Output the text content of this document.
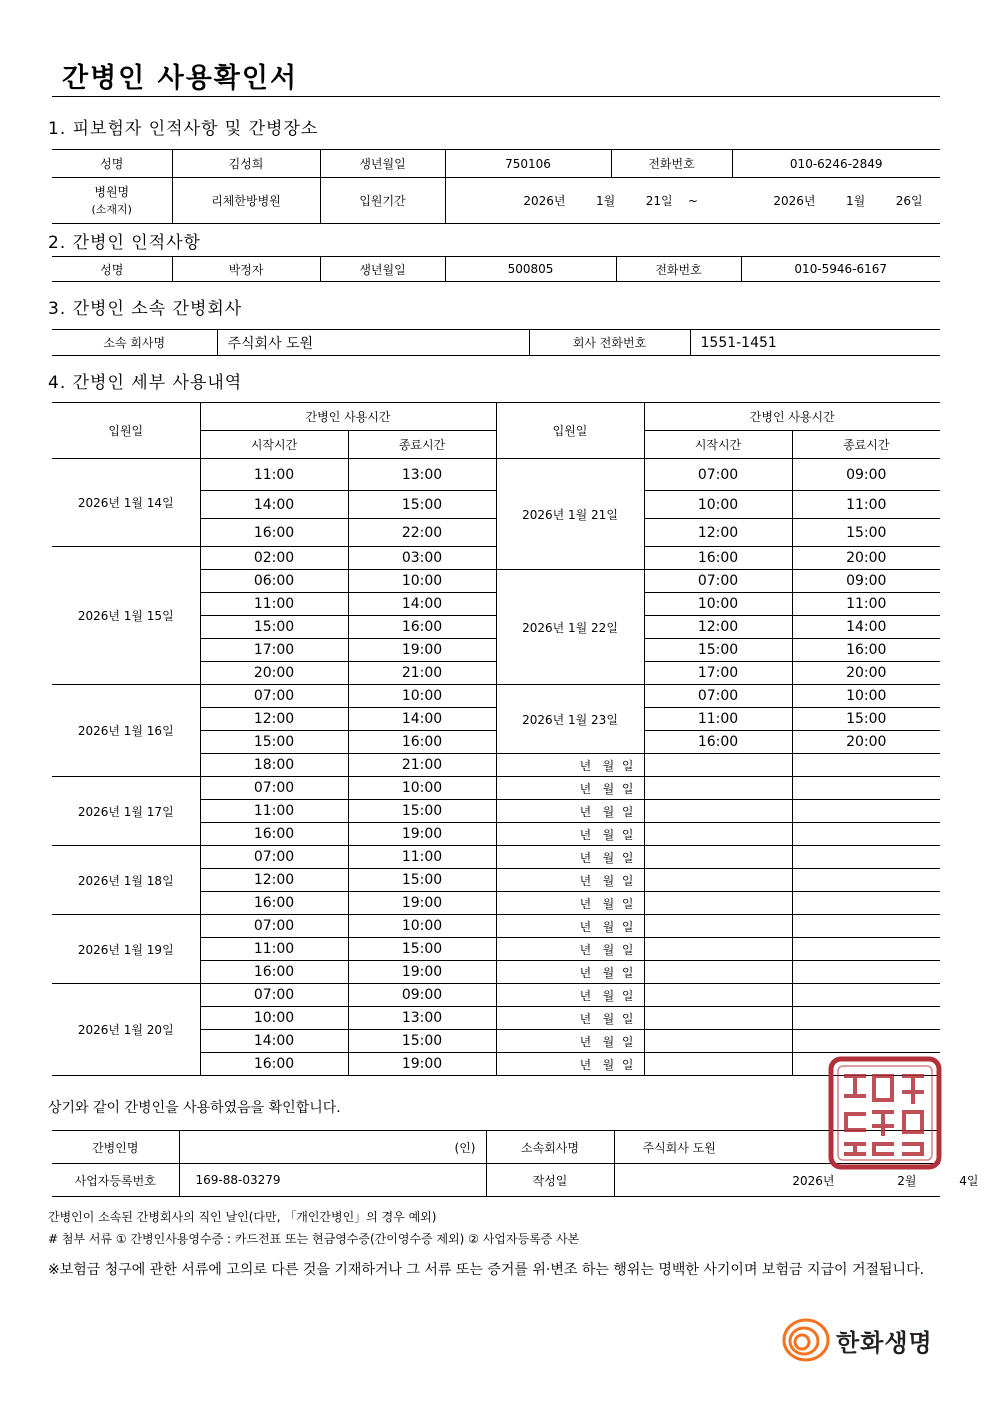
간병인 사용확인서
1. 피보험자 인적사항 및 간병장소
성명	김성희	생년월일	750106	전화번호	010-6246-2849
병원명
(소재지)	리체한방병원	입원기간	2026년        1월        21일    ~ 2026년        1월        26일		

2. 간병인 인적사항
성명	박정자	생년월일	500805	전화번호	010-5946-6167
3. 간병인 소속 간병회사
소속 회사명	주식회사 도원	회사 전화번호	1551-1451
4. 간병인 세부 사용내역
입원일	간병인 사용시간		입원일	간병인 사용시간	
	시작시간	종료시간		시작시간	종료시간
2026년 1월 14일	11:00	13:00	2026년 1월 21일	07:00	09:00
	14:00	15:00		10:00	11:00
	16:00	22:00		12:00	15:00
2026년 1월 15일	02:00	03:00		16:00	20:00
	06:00	10:00	2026년 1월 22일	07:00	09:00
	11:00	14:00		10:00	11:00
	15:00	16:00		12:00	14:00
	17:00	19:00		15:00	16:00
	20:00	21:00		17:00	20:00
2026년 1월 16일	07:00	10:00	2026년 1월 23일	07:00	10:00
	12:00	14:00		11:00	15:00
	15:00	16:00		16:00	20:00
	18:00	21:00	년   월  일		
2026년 1월 17일	07:00	10:00	년   월  일		
	11:00	15:00	년   월  일		
	16:00	19:00	년   월  일		
2026년 1월 18일	07:00	11:00	년   월  일		
	12:00	15:00	년   월  일		
	16:00	19:00	년   월  일		
2026년 1월 19일	07:00	10:00	년   월  일		
	11:00	15:00	년   월  일		
	16:00	19:00	년   월  일		
2026년 1월 20일	07:00	09:00	년   월  일		
	10:00	13:00	년   월  일		
	14:00	15:00	년   월  일		
	16:00	19:00	년   월  일		
상기와 같이 간병인을 사용하였음을 확인합니다.
간병인명	(인)	소속회사명	주식회사 도원
사업자등록번호	169-88-03279	작성일	2026년 2월 4일
간병인이 소속된 간병회사의 직인 날인(다만, 「개인간병인」의 경우 예외)
# 첨부 서류 ① 간병인사용영수증 : 카드전표 또는 현금영수증(간이영수증 제외) ② 사업자등록증 사본
※보험금 청구에 관한 서류에 고의로 다른 것을 기재하거나 그 서류 또는 증거를 위·변조 하는 행위는 명백한 사기이며 보험금 지급이 거절됩니다.
한화생명
